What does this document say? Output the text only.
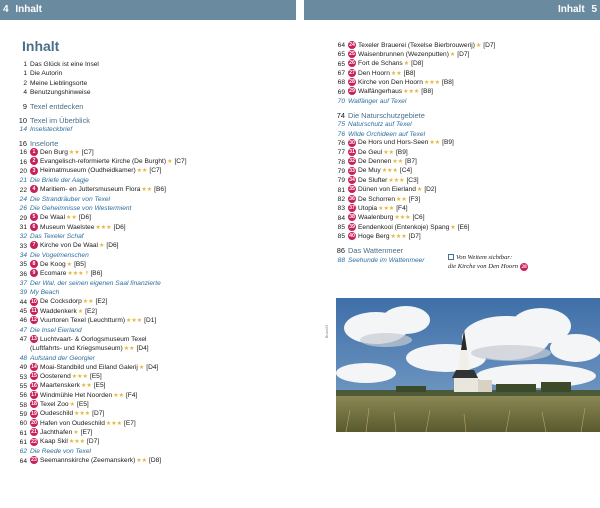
4 Inhalt	Inhalt 5
Inhalt
1 Das Glück ist eine Insel
1 Die Autorin
2 Meine Lieblingsorte
4 Benutzungshinweise
9 Texel entdecken
10 Texel im Überblick
14 Inselsteckbrief
16 Inselorte
16	1 Den Burg★★ [C7]
16	2 Evangelisch-reformierte Kirche (De Burght)★ [C7]
20	3 Heimatmuseum (Oudheidkamer)★★ [C7]
21 Die Briefe der Aagje
22	4 Maritiem- en Juttersmuseum Flora★★ [B6]
24 Die Strandräuber von Texel
26 Die Geheimnisse von Westermient
29	5 De Waal★★ [D6]
31	6 Museum Waelstee★★★ [D6]
32 Das Texeler Schaf
33	7 Kirche von De Waal★ [D6]
34 Die Vogelmenschen
35	8 De Koog★ [B5]
36	9 Ecomare★★★ ☨ [B6]
37 Der Wal, der seinen eigenen Saal finanzierte
39 My Beach
44 10 De Cocksdorp★★ [E2]
45 11 Waddenkerk★ [E2]
46 12 Vuurtoren Texel (Leuchtturm)★★★ [D1]
47 Die Insel Eierland
47 13 Luchtvaart- & Oorlogsmuseum Texel
(Luftfahrts- und Kriegsmuseum)★★ [D4]
48 Aufstand der Georgier
49 14 Moai-Standbild und Eiland Galerij★ [D4]
53 15 Oosterend★★★ [E5]
55 16 Maartenskerk★★ [E5]
56 17 Windmühle Het Noorden★★ [F4]
58 18 Texel Zoo★ [E5]
59 19 Oudeschild★★★ [D7]
60 20 Hafen von Oudeschild★★★ [E7]
61 21 Jachthafen★ [E7]
61 22 Kaap Skil★★★ [D7]
62 Die Reede von Texel
64 23 Seemannskirche (Zeemanskerk)★★ [D8]
64 24 Texeler Brauerei (Texelse Bierbrouwerij)★ [D7]
65 25 Waisenbrunnen (Wezenputten)★ [D7]
65 26 Fort de Schans★ [D8]
67 27 Den Hoorn★★ [B8]
68 28 Kirche von Den Hoorn★★★ [B8]
69 29 Walfängerhaus★★★ [B8]
70 Walfänger auf Texel
74 Die Naturschutzgebiete
75 Naturschutz auf Texel
76 Wilde Orchideen auf Texel
76 30 De Hors und Hors-Seen★★ [B9]
77 31 De Geul★★ [B9]
78 32 De Dennen★★ [B7]
79 33 De Muy★★★ [C4]
79 34 De Slufter★★★ [C3]
81 35 Dünen von Eierland★ [D2]
82 36 De Schorren★★ [F3]
83 37 Utopia★★★ [F4]
84 38 Waalenburg★★★ [C6]
85 39 Eendenkooi (Entenkoje) Spang★ [E6]
85 40 Hoge Berg★★★ [D7]
86 Das Wattenmeer
88 Seehunde im Wattenmeer	Von Weitem sichtbar:
die Kirche von Den Hoorn 28
Bruce23
